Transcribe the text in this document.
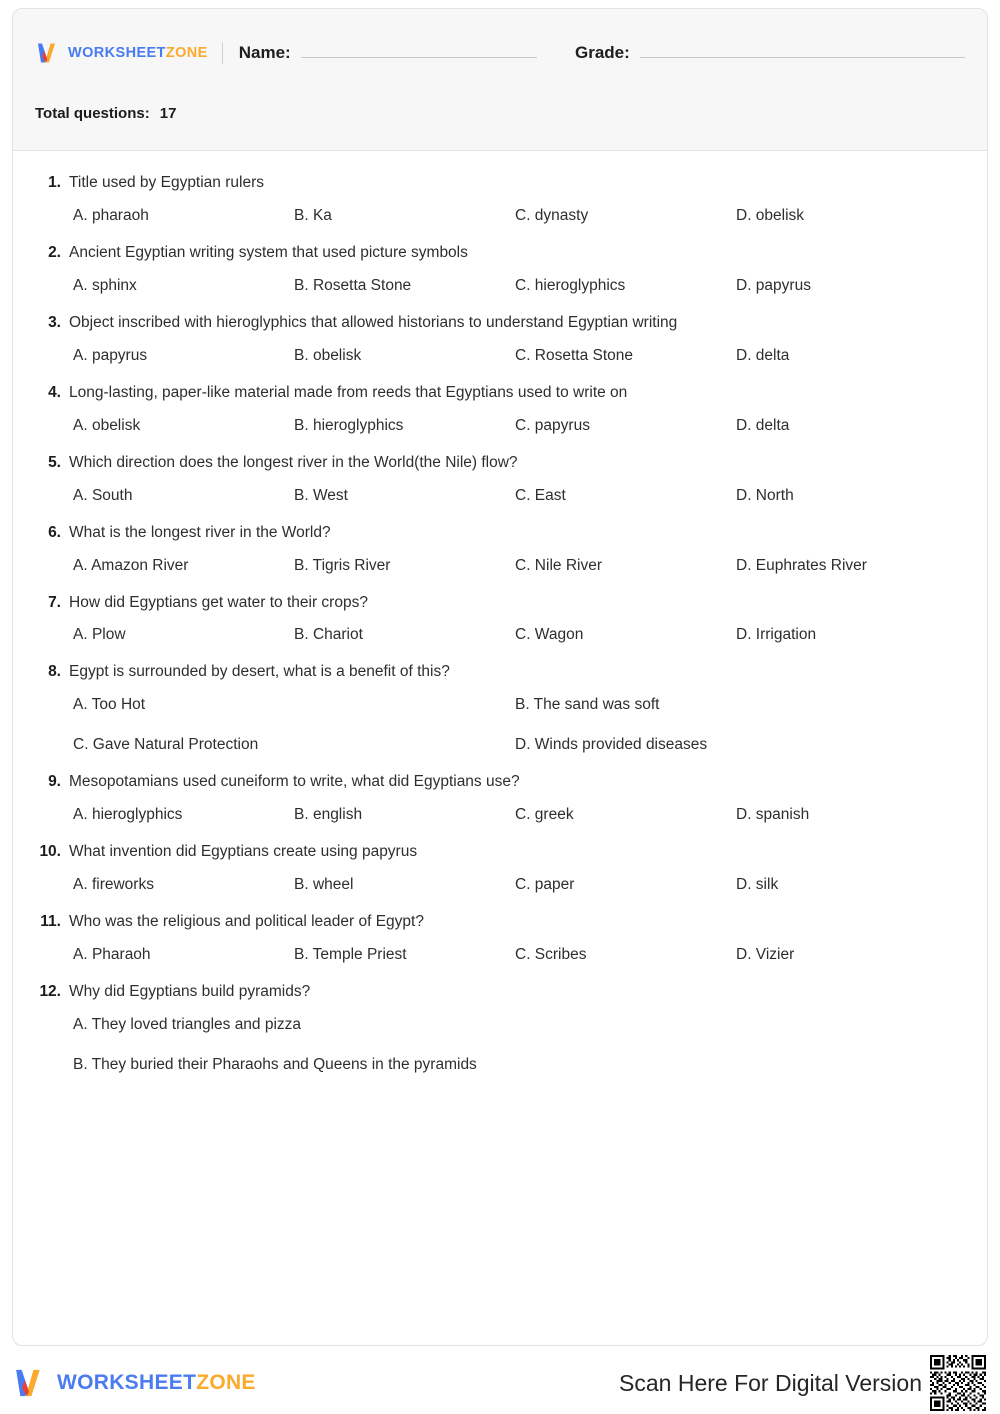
WORKSHEETZONE Name:	Grade:
Total questions: 17
1. Title used by Egyptian rulers
A. pharaoh	B. Ka	C. dynasty	D. obelisk
2. Ancient Egyptian writing system that used picture symbols
A. sphinx	B. Rosetta Stone	C. hieroglyphics	D. papyrus
3. Object inscribed with hieroglyphics that allowed historians to understand Egyptian writing
A. papyrus	B. obelisk	C. Rosetta Stone	D. delta
4. Long-lasting, paper-like material made from reeds that Egyptians used to write on
A. obelisk	B. hieroglyphics	C. papyrus	D. delta
5. Which direction does the longest river in the World(the Nile) flow?
A. South	B. West	C. East	D. North
6. What is the longest river in the World?
A. Amazon River	B. Tigris River	C. Nile River	D. Euphrates River
7. How did Egyptians get water to their crops?
A. Plow	B. Chariot	C. Wagon	D. Irrigation
8. Egypt is surrounded by desert, what is a benefit of this?
A. Too Hot	B. The sand was soft
C. Gave Natural Protection	D. Winds provided diseases
9. Mesopotamians used cuneiform to write, what did Egyptians use?
A. hieroglyphics	B. english	C. greek	D. spanish
10. What invention did Egyptians create using papyrus
A. fireworks	B. wheel	C. paper	D. silk
11. Who was the religious and political leader of Egypt?
A. Pharaoh	B. Temple Priest	C. Scribes	D. Vizier
12. Why did Egyptians build pyramids?
A. They loved triangles and pizza
B. They buried their Pharaohs and Queens in the pyramids
WORKSHEETZONE	Scan Here For Digital Version
